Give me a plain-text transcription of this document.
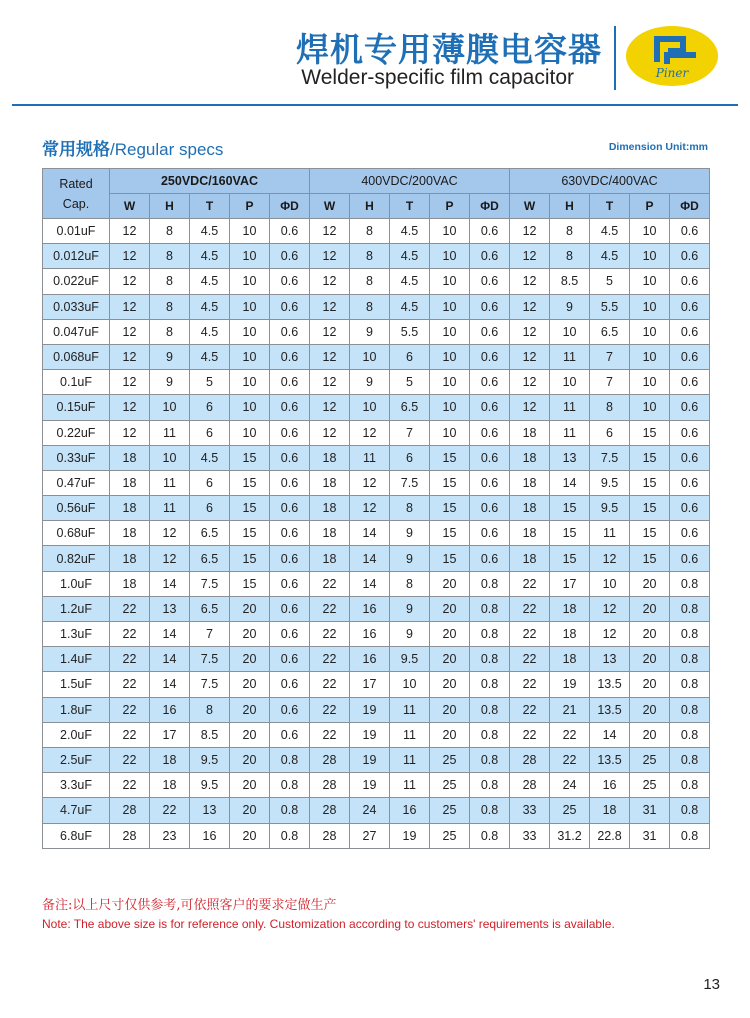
焊机专用薄膜电容器
Welder-specific film capacitor	Piner
常用规格/Regular specs	Dimension Unit:mm
Rated
Cap.	250VDC/160VAC					400VDC/200VAC					630VDC/400VAC				
	W	H	T	P	ΦD	W	H	T	P	ΦD	W	H	T	P	ΦD
0.01uF	12	8	4.5	10	0.6	12	8	4.5	10	0.6	12	8	4.5	10	0.6
0.012uF	12	8	4.5	10	0.6	12	8	4.5	10	0.6	12	8	4.5	10	0.6
0.022uF	12	8	4.5	10	0.6	12	8	4.5	10	0.6	12	8.5	5	10	0.6
0.033uF	12	8	4.5	10	0.6	12	8	4.5	10	0.6	12	9	5.5	10	0.6
0.047uF	12	8	4.5	10	0.6	12	9	5.5	10	0.6	12	10	6.5	10	0.6
0.068uF	12	9	4.5	10	0.6	12	10	6	10	0.6	12	11	7	10	0.6
0.1uF	12	9	5	10	0.6	12	9	5	10	0.6	12	10	7	10	0.6
0.15uF	12	10	6	10	0.6	12	10	6.5	10	0.6	12	11	8	10	0.6
0.22uF	12	11	6	10	0.6	12	12	7	10	0.6	18	11	6	15	0.6
0.33uF	18	10	4.5	15	0.6	18	11	6	15	0.6	18	13	7.5	15	0.6
0.47uF	18	11	6	15	0.6	18	12	7.5	15	0.6	18	14	9.5	15	0.6
0.56uF	18	11	6	15	0.6	18	12	8	15	0.6	18	15	9.5	15	0.6
0.68uF	18	12	6.5	15	0.6	18	14	9	15	0.6	18	15	11	15	0.6
0.82uF	18	12	6.5	15	0.6	18	14	9	15	0.6	18	15	12	15	0.6
1.0uF	18	14	7.5	15	0.6	22	14	8	20	0.8	22	17	10	20	0.8
1.2uF	22	13	6.5	20	0.6	22	16	9	20	0.8	22	18	12	20	0.8
1.3uF	22	14	7	20	0.6	22	16	9	20	0.8	22	18	12	20	0.8
1.4uF	22	14	7.5	20	0.6	22	16	9.5	20	0.8	22	18	13	20	0.8
1.5uF	22	14	7.5	20	0.6	22	17	10	20	0.8	22	19	13.5	20	0.8
1.8uF	22	16	8	20	0.6	22	19	11	20	0.8	22	21	13.5	20	0.8
2.0uF	22	17	8.5	20	0.6	22	19	11	20	0.8	22	22	14	20	0.8
2.5uF	22	18	9.5	20	0.8	28	19	11	25	0.8	28	22	13.5	25	0.8
3.3uF	22	18	9.5	20	0.8	28	19	11	25	0.8	28	24	16	25	0.8
4.7uF	28	22	13	20	0.8	28	24	16	25	0.8	33	25	18	31	0.8
6.8uF	28	23	16	20	0.8	28	27	19	25	0.8	33	31.2	22.8	31	0.8
备注:以上尺寸仅供参考,可依照客户的要求定做生产
Note: The above size is for reference only. Customization according to customers' requirements is available.
13
